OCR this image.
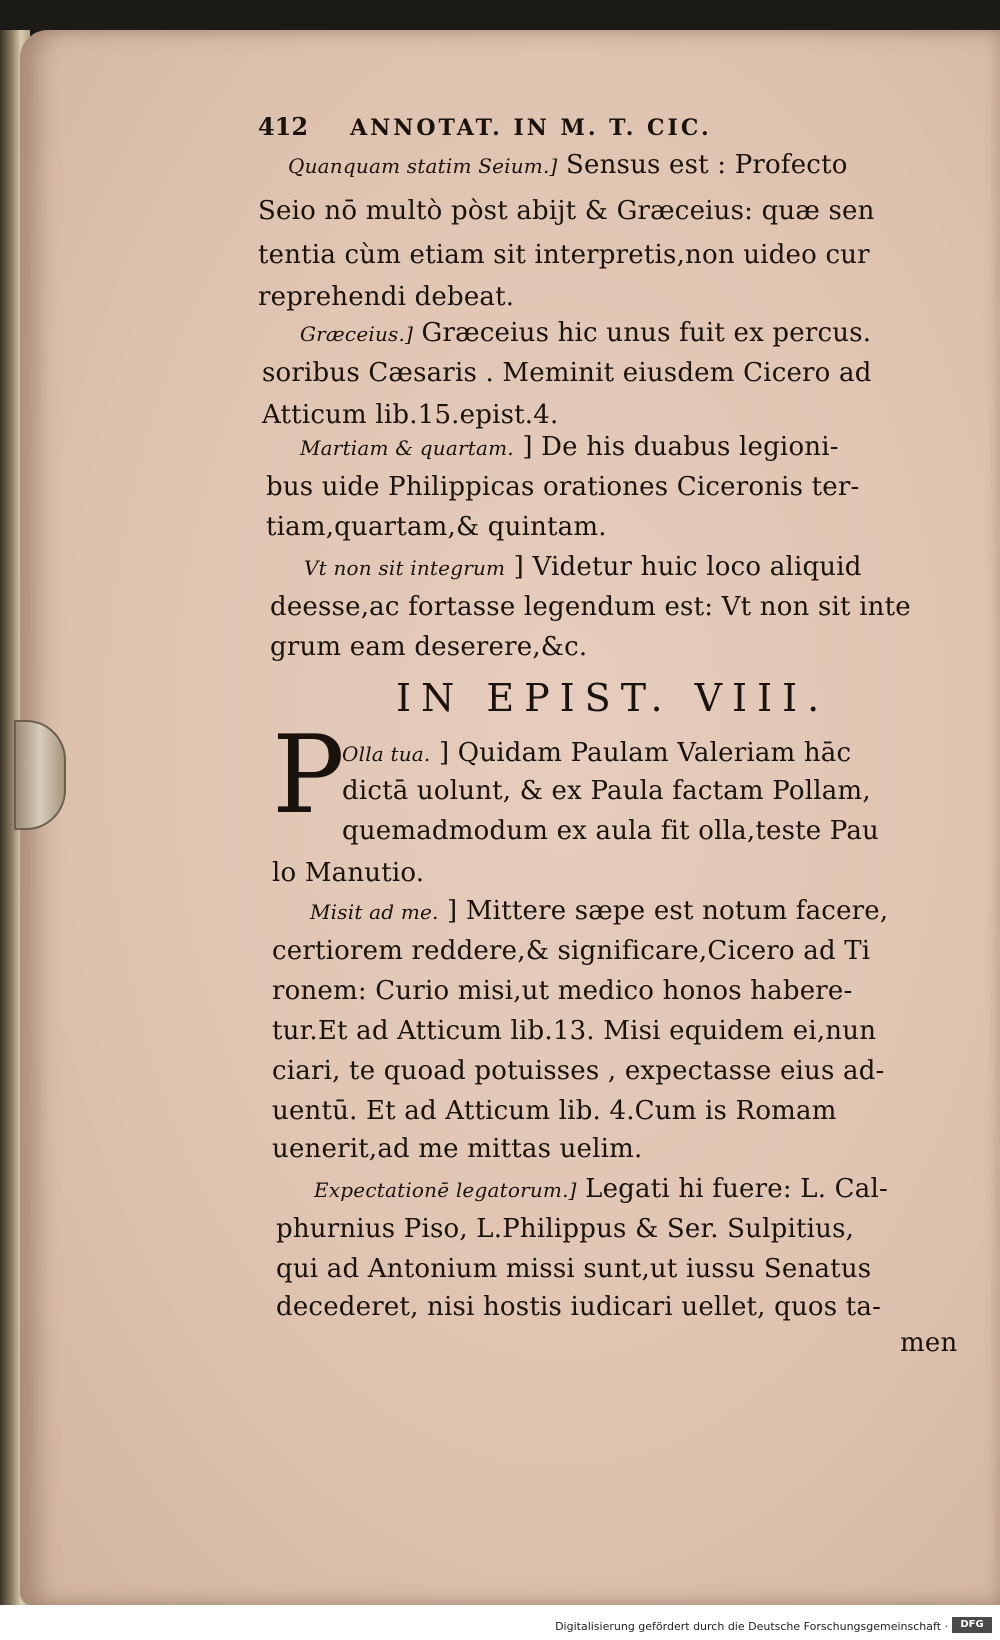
412 ANNOTAT. IN M. T. CIC.
Quanquam statim Seium.] Sensus est : Profecto
Seio nō multò pòst abijt & Græceius: quæ sen
tentia cùm etiam sit interpretis,non uideo cur
reprehendi debeat.
Græceius.] Græceius hic unus fuit ex percus.
soribus Cæsaris . Meminit eiusdem Cicero ad
Atticum lib.15.epist.4.
Martiam & quartam. ] De his duabus legioni-
bus uide Philippicas orationes Ciceronis ter-
tiam,quartam,& quintam.
Vt non sit integrum ] Videtur huic loco aliquid
deesse,ac fortasse legendum est: Vt non sit inte
grum eam deserere,&c.
IN EPIST. VIII.
P
Olla tua. ] Quidam Paulam Valeriam hāc
dictā uolunt, & ex Paula factam Pollam,
quemadmodum ex aula fit olla,teste Pau
lo Manutio.
Misit ad me. ] Mittere sæpe est notum facere,
certiorem reddere,& significare,Cicero ad Ti
ronem: Curio misi,ut medico honos habere-
tur.Et ad Atticum lib.13. Misi equidem ei,nun
ciari, te quoad potuisses , expectasse eius ad-
uentū. Et ad Atticum lib. 4.Cum is Romam
uenerit,ad me mittas uelim.
Expectationē legatorum.] Legati hi fuere: L. Cal-
phurnius Piso, L.Philippus & Ser. Sulpitius,
qui ad Antonium missi sunt,ut iussu Senatus
decederet, nisi hostis iudicari uellet, quos ta-
men
Digitalisierung gefördert durch die Deutsche Forschungsgemeinschaft ·	DFG
